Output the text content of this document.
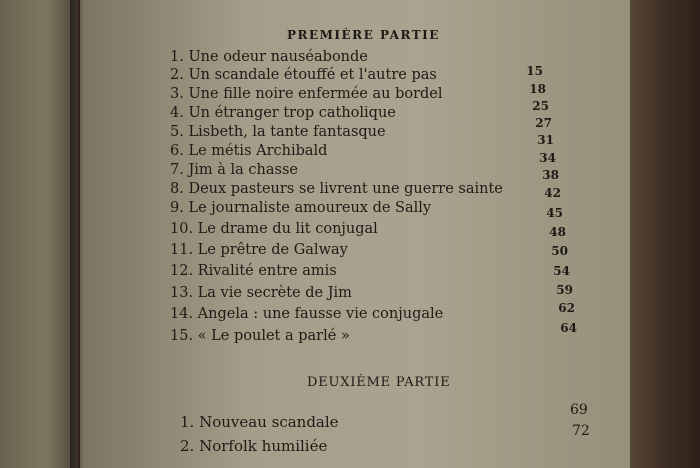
PREMIÈRE PARTIE
1. Une odeur nauséabonde
2. Un scandale étouffé et l'autre pas
3. Une fille noire enfermée au bordel
4. Un étranger trop catholique
5. Lisbeth, la tante fantasque
6. Le métis Archibald
7. Jim à la chasse
8. Deux pasteurs se livrent une guerre sainte
9. Le journaliste amoureux de Sally
10. Le drame du lit conjugal
11. Le prêtre de Galway
12. Rivalité entre amis
13. La vie secrète de Jim
14. Angela : une fausse vie conjugale
15. « Le poulet a parlé »
15
18
25
27
31
34
38
42
45
48
50
54
59
62
64
DEUXIÈME PARTIE
1. Nouveau scandale
2. Norfolk humiliée
69
72
